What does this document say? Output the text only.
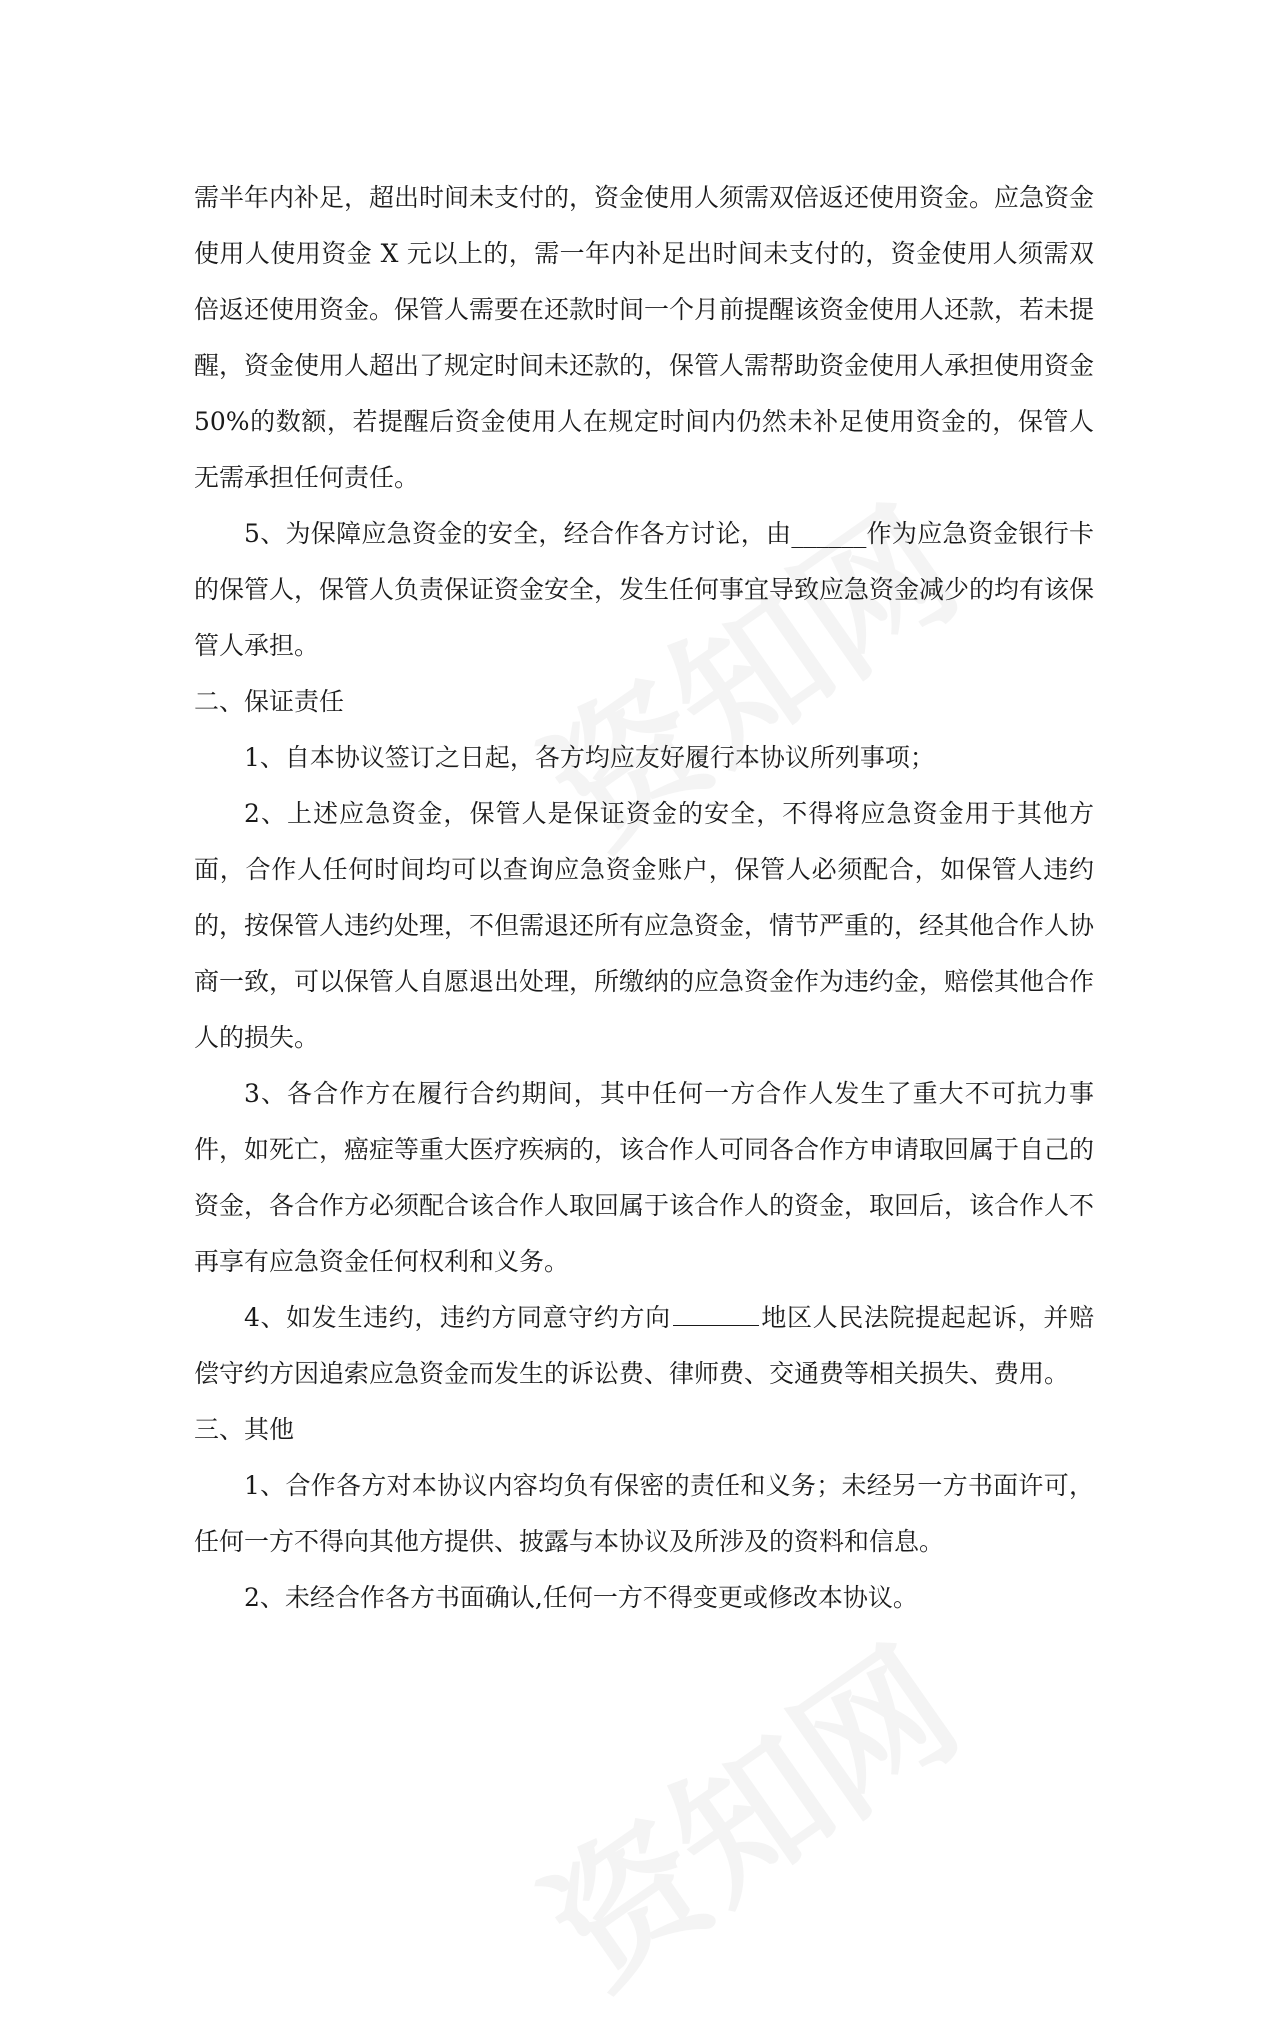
需半年内补足，超出时间未支付的，资金使用人须需双倍返还使用资金。应急资金使用人使用资金 X 元以上的，需一年内补足出时间未支付的，资金使用人须需双倍返还使用资金。保管人需要在还款时间一个月前提醒该资金使用人还款，若未提醒，资金使用人超出了规定时间未还款的，保管人需帮助资金使用人承担使用资金 50%的数额，若提醒后资金使用人在规定时间内仍然未补足使用资金的，保管人无需承担任何责任。

5、为保障应急资金的安全，经合作各方讨论，由______作为应急资金银行卡的保管人，保管人负责保证资金安全，发生任何事宜导致应急资金减少的均有该保管人承担。

二、保证责任

1、自本协议签订之日起，各方均应友好履行本协议所列事项；

2、上述应急资金，保管人是保证资金的安全，不得将应急资金用于其他方面，合作人任何时间均可以查询应急资金账户，保管人必须配合，如保管人违约的，按保管人违约处理，不但需退还所有应急资金，情节严重的，经其他合作人协商一致，可以保管人自愿退出处理，所缴纳的应急资金作为违约金，赔偿其他合作人的损失。

3、各合作方在履行合约期间，其中任何一方合作人发生了重大不可抗力事件，如死亡，癌症等重大医疗疾病的，该合作人可同各合作方申请取回属于自己的资金，各合作方必须配合该合作人取回属于该合作人的资金，取回后，该合作人不再享有应急资金任何权利和义务。

4、如发生违约，违约方同意守约方向	地区人民法院提起起诉，并赔偿守约方因追索应急资金而发生的诉讼费、律师费、交通费等相关损失、费用。

三、其他

1、合作各方对本协议内容均负有保密的责任和义务；未经另一方书面许可，任何一方不得向其他方提供、披露与本协议及所涉及的资料和信息。

2、未经合作各方书面确认,任何一方不得变更或修改本协议。
